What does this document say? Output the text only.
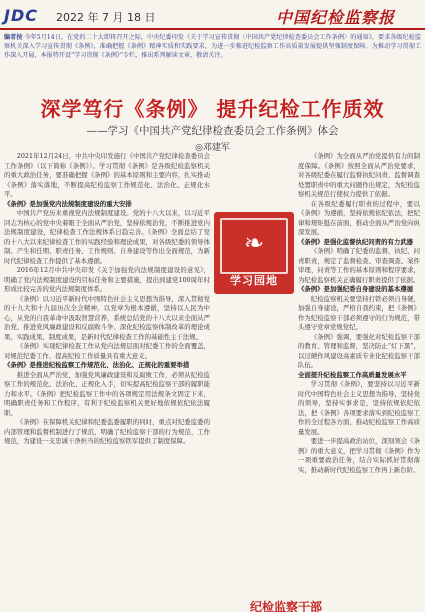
JDC 2022 年 7 月 18 日	中国纪检监察报
编者按 今年5月14日，在党的二十大即将召开之际，中央纪委印发《关于学习宣传贯彻〈中国共产党纪律检查委员会工作条例〉的通知》，要求各级纪检监察机关深入学习宣传贯彻《条例》，准确把握《条例》精神实质和实践要求，为进一步推进纪检监察工作高质量发展提供坚强制度保障。为推动学习贯彻工作深入开展，本报特开设“学习贯彻《条例》”专栏，推出系列解读文章，敬请关注。
深学笃行《条例》 提升纪检工作质效
——学习《中国共产党纪律检查委员会工作条例》体会
◎邓建军

2021年12月24日，中共中央印发施行《中国共产党纪律检查委员会工作条例》（以下简称《条例》）。学习贯彻《条例》是各级纪检监察机关的重大政治任务，要准确把握《条例》的基本原则和主要内容，扎实推动《条例》落实落地，不断提高纪检监察工作规范化、法治化、正规化水平。

《条例》是加强党内法规制度建设的重大安排

中国共产党历来重视党内法规制度建设。党的十八大以来，以习近平同志为核心的党中央着眼于全面从严治党，坚持依规治党，不断推进党内法规制度建设，纪律检查工作法规体系日趋完善。《条例》全面总结了党的十八大以来纪律检查工作的实践经验和理论成果，对各级纪委的领导体制、产生和任期、职责任务、工作规则、自身建设等作出全面规范，为新时代纪律检查工作提供了基本遵循。

2016年12月中共中央印发《关于加强党内法规制度建设的意见》，明确了党内法规制度建设的目标任务和主要措施，提出到建党100周年时形成比较完善的党内法规制度体系。

《条例》以习近平新时代中国特色社会主义思想为指导，深入贯彻党的十九大和十九届历次全会精神，以党章为根本遵循，坚持以人民为中心，从党的自我革命中汲取智慧营养，系统总结党的十八大以来全面从严治党、推进党风廉政建设和反腐败斗争、深化纪检监察体制改革的理论成果、实践成果、制度成果，是新时代纪律检查工作的基础性主干法规。

《条例》实现纪律检查工作从党内法规层面对纪委工作的全面覆盖，对规范纪委工作、提高纪检工作质量具有重大意义。

《条例》是推进纪检监察工作规范化、法治化、正规化的重要举措

推进全面从严治党，加强党风廉政建设和反腐败工作，必须从纪检监察工作的规范化、法治化、正规化入手，切实提高纪检监察干部的履职能力和水平。《条例》把纪检监察工作中的各项规定用法规条文固定下来，明确职责任务和工作程序，有利于纪检监察机关更好地依规依纪依法履职。

《条例》在保障机关纪律和纪委监委履职的同时，重点对纪委监委的内部管理和监督机制进行了规范，明确了纪检监察干部的行为规范、工作规范，为建设一支忠诚干净担当的纪检监察铁军提供了制度保障。

❧
学习园地

《条例》为全面从严治党提供有力的制度保障。《条例》按照全面从严治党要求，对各级纪委在履行监督执纪问责、监督调查处置职责中的重大问题作出规定，为纪检监察机关规范行使权力提供了依据。

在各级纪委履行职责的过程中，要以《条例》为遵循，坚持依规依纪依法，把纪律和规矩挺在前面，推动全面从严治党向纵深发展。

《条例》是强化监督执纪问责的有力武器

《条例》明确了纪委的监督、执纪、问责职责，规定了监督检查、审查调查、案件审理、问责等工作的基本原则和程序要求，为纪检监察机关正确履行职责提供了依据。

《条例》是加强纪委自身建设的基本遵循

纪检监察机关要坚持打铁必须自身硬，加强自身建设，严格自我约束，把《条例》作为纪检监察干部必须遵守的行为规范，带头遵守党章党规党纪。

《条例》强调，要强化对纪检监察干部的教育、管理和监督，坚决防止“灯下黑”，以过硬作风建设高素质专业化纪检监察干部队伍。

全面提升纪检监察工作高质量发展水平

学习贯彻《条例》，要坚持以习近平新时代中国特色社会主义思想为指导，坚持党的领导，坚持实事求是，坚持依规依纪依法，把《条例》各项要求落实到纪检监察工作的全过程各方面，推动纪检监察工作高质量发展。

要进一步提高政治站位，深刻领会《条例》的重大意义，把学习贯彻《条例》作为一项重要政治任务，结合实际抓好贯彻落实，推动新时代纪检监察工作再上新台阶。

纪检监察干部
